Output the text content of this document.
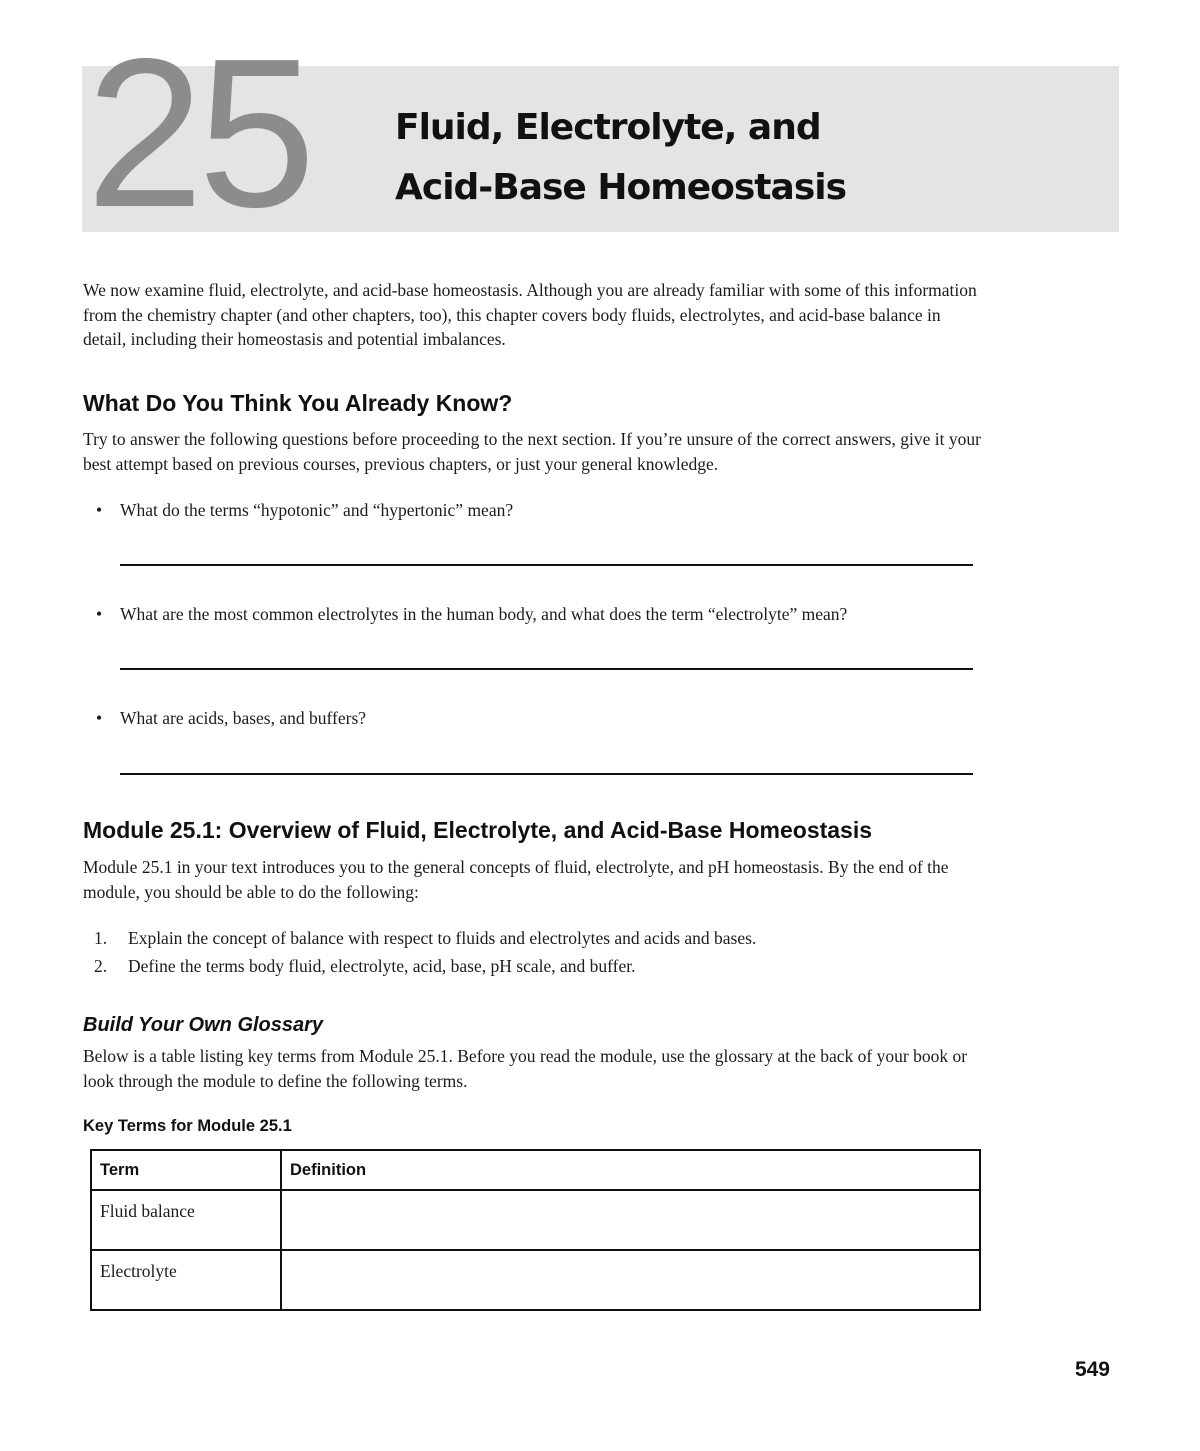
25	Fluid, Electrolyte, and
Acid-Base Homeostasis
We now examine fluid, electrolyte, and acid-base homeostasis. Although you are already familiar with some of this information from the chemistry chapter (and other chapters, too), this chapter covers body fluids, electrolytes, and acid-base balance in detail, including their homeostasis and potential imbalances.
What Do You Think You Already Know?
Try to answer the following questions before proceeding to the next section. If you’re unsure of the correct answers, give it your best attempt based on previous courses, previous chapters, or just your general knowledge.
• What do the terms “hypotonic” and “hypertonic” mean?
• What are the most common electrolytes in the human body, and what does the term “electrolyte” mean?
• What are acids, bases, and buffers?
Module 25.1: Overview of Fluid, Electrolyte, and Acid-Base Homeostasis
Module 25.1 in your text introduces you to the general concepts of fluid, electrolyte, and pH homeostasis. By the end of the module, you should be able to do the following:
1. Explain the concept of balance with respect to fluids and electrolytes and acids and bases.
2. Define the terms body fluid, electrolyte, acid, base, pH scale, and buffer.
Build Your Own Glossary
Below is a table listing key terms from Module 25.1. Before you read the module, use the glossary at the back of your book or look through the module to define the following terms.
Key Terms for Module 25.1
Term	Definition
Fluid balance	
Electrolyte	
549
